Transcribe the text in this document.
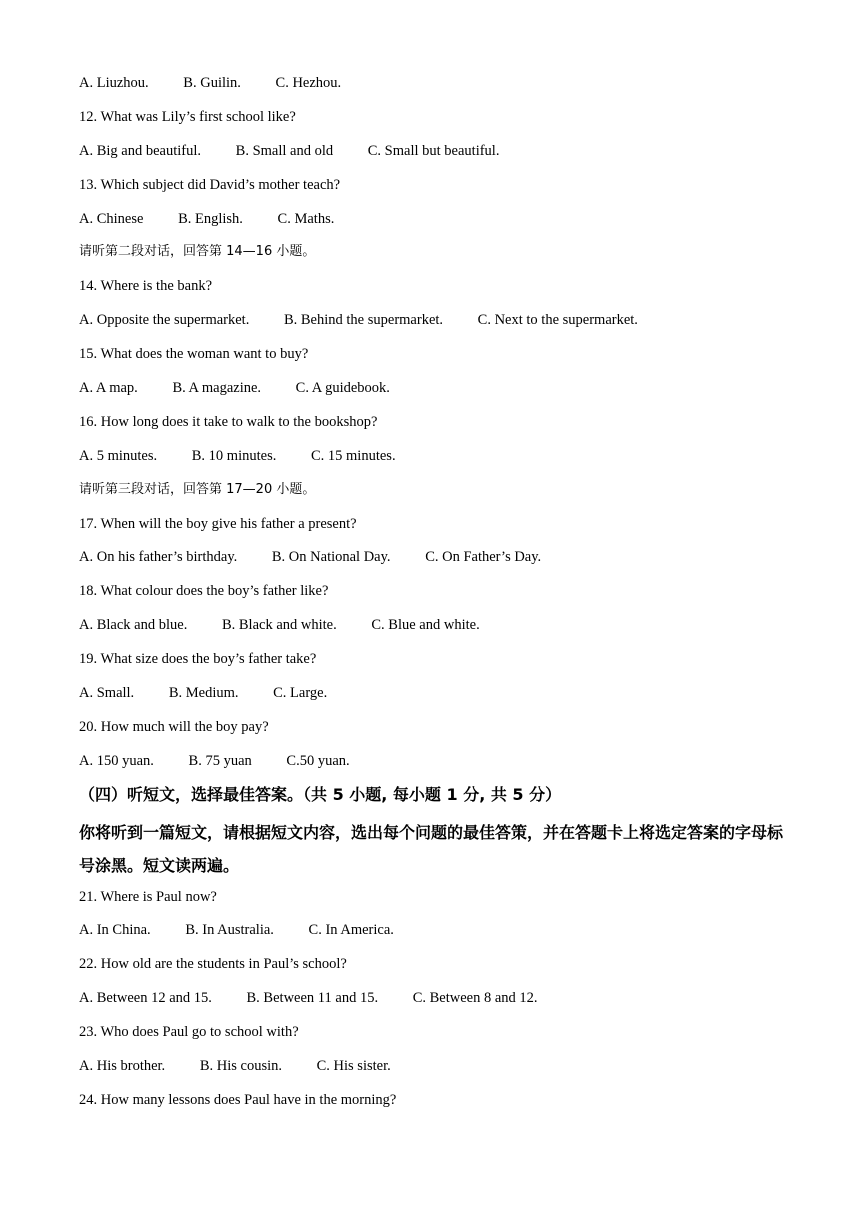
A. Liuzhou. B. Guilin. C. Hezhou.
12. What was Lily’s first school like?
A. Big and beautiful. B. Small and old C. Small but beautiful.
13. Which subject did David’s mother teach?
A. Chinese B. English. C. Maths.
请听第二段对话，回答第 14—16 小题。
14. Where is the bank?
A. Opposite the supermarket. B. Behind the supermarket. C. Next to the supermarket.
15. What does the woman want to buy?
A. A map. B. A magazine. C. A guidebook.
16. How long does it take to walk to the bookshop?
A. 5 minutes. B. 10 minutes. C. 15 minutes.
请听第三段对话，回答第 17—20 小题。
17. When will the boy give his father a present?
A. On his father’s birthday. B. On National Day. C. On Father’s Day.
18. What colour does the boy’s father like?
A. Black and blue. B. Black and white. C. Blue and white.
19. What size does the boy’s father take?
A. Small. B. Medium. C. Large.
20. How much will the boy pay?
A. 150 yuan. B. 75 yuan C.50 yuan.
（四）听短文，选择最佳答案。（共 5 小题, 每小题 1 分, 共 5 分）
你将听到一篇短文，请根据短文内容，选出每个问题的最佳答策，并在答题卡上将选定答案的字母标号涂黑。短文读两遍。
21. Where is Paul now?
A. In China. B. In Australia. C. In America.
22. How old are the students in Paul’s school?
A. Between 12 and 15. B. Between 11 and 15. C. Between 8 and 12.
23. Who does Paul go to school with?
A. His brother. B. His cousin. C. His sister.
24. How many lessons does Paul have in the morning?
